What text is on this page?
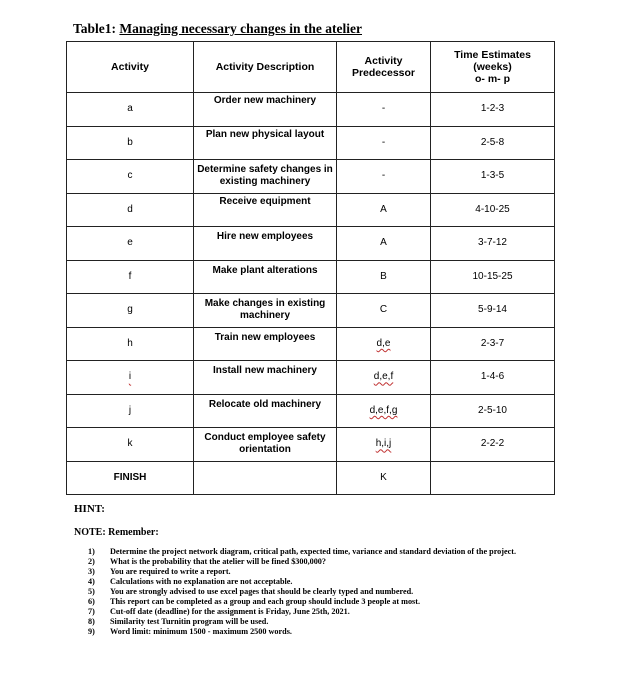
Table1: Managing necessary changes in the atelier
Activity	Activity Description	Activity Predecessor	Time Estimates
(weeks)
o- m- p

a	Order new machinery	-	1-2-3
b	Plan new physical layout	-	2-5-8
c	Determine safety changes in existing machinery	-	1-3-5
d	Receive equipment	A	4-10-25
e	Hire new employees	A	3-7-12
f	Make plant alterations	B	10-15-25
g	Make changes in existing machinery	C	5-9-14
h	Train new employees	d,e	2-3-7
i	Install new machinery	d,e,f	1-4-6
j	Relocate old machinery	d,e,f,g	2-5-10
k	Conduct employee safety orientation	h,i,j	2-2-2
FINISH		K	
HINT:
NOTE: Remember:
1) Determine the project network diagram, critical path, expected time, variance and standard deviation of the project.
2) What is the probability that the atelier will be fined $300,000?
3) You are required to write a report.
4) Calculations with no explanation are not acceptable.
5) You are strongly advised to use excel pages that should be clearly typed and numbered.
6) This report can be completed as a group and each group should include 3 people at most.
7) Cut-off date (deadline) for the assignment is Friday, June 25th, 2021.
8) Similarity test Turnitin program will be used.
9) Word limit: minimum 1500 - maximum 2500 words.
